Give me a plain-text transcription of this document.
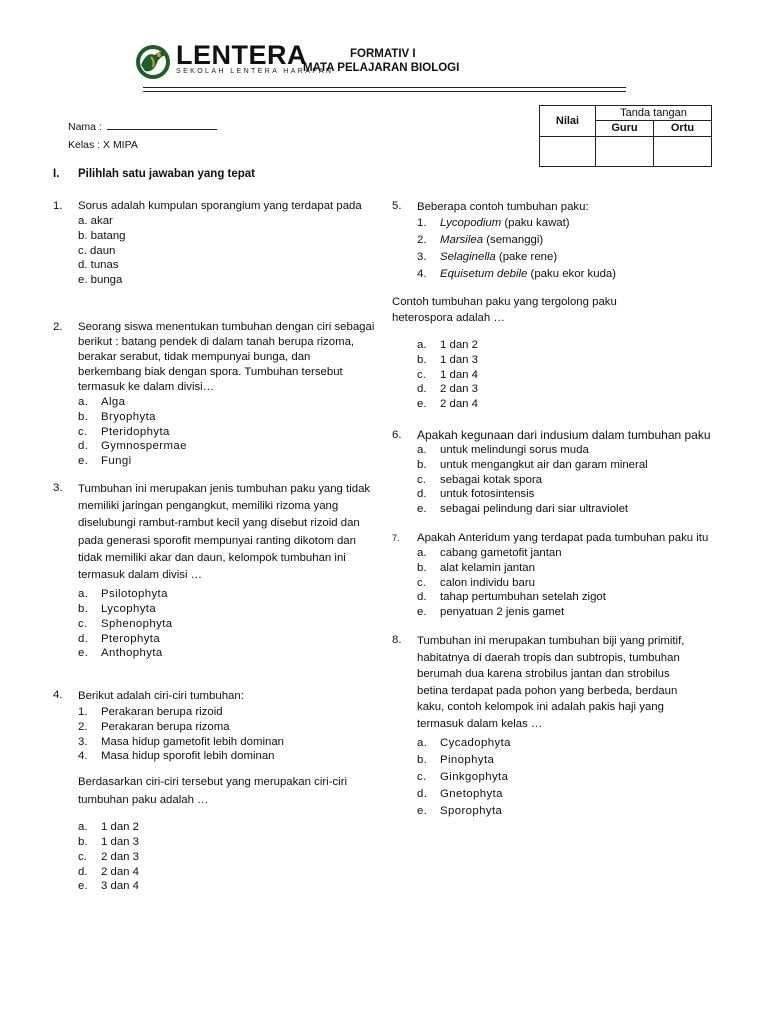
LENTERA
SEKOLAH LENTERA HARAPAN
FORMATIV I
MATA PELAJARAN BIOLOGI
Nama :
Kelas : X MIPA
Nilai	Tanda tangan	
	Guru	Ortu

I. Pilihlah satu jawaban yang tepat
1. Sorus adalah kumpulan sporangium yang terdapat pada
a. akar
b. batang
c. daun
d. tunas
e. bunga
2. Seorang siswa menentukan tumbuhan dengan ciri sebagai berikut : batang pendek di dalam tanah berupa rizoma, berakar serabut, tidak mempunyai bunga, dan berkembang biak dengan spora. Tumbuhan tersebut termasuk ke dalam divisi…
a. Alga
b. Bryophyta
c. Pteridophyta
d. Gymnospermae
e. Fungi
3. Tumbuhan ini merupakan jenis tumbuhan paku yang tidak memiliki jaringan pengangkut, memiliki rizoma yang diselubungi rambut-rambut kecil yang disebut rizoid dan pada generasi sporofit mempunyai ranting dikotom dan tidak memiliki akar dan daun, kelompok tumbuhan ini termasuk dalam divisi …
a. Psilotophyta
b. Lycophyta
c. Sphenophyta
d. Pterophyta
e. Anthophyta
4. Berikut adalah ciri-ciri tumbuhan:
1. Perakaran berupa rizoid
2. Perakaran berupa rizoma
3. Masa hidup gametofit lebih dominan
4. Masa hidup sporofit lebih dominan
Berdasarkan ciri-ciri tersebut yang merupakan ciri-ciri tumbuhan paku adalah …
a. 1 dan 2
b. 1 dan 3
c. 2 dan 3
d. 2 dan 4
e. 3 dan 4
5. Beberapa contoh tumbuhan paku:
1. Lycopodium (paku kawat)
2. Marsilea (semanggi)
3. Selaginella (pake rene)
4. Equisetum debile (paku ekor kuda)
Contoh tumbuhan paku yang tergolong paku heterospora adalah …
a. 1 dan 2
b. 1 dan 3
c. 1 dan 4
d. 2 dan 3
e. 2 dan 4
6. Apakah kegunaan dari indusium dalam tumbuhan paku
a. untuk melindungi sorus muda
b. untuk mengangkut air dan garam mineral
c. sebagai kotak spora
d. untuk fotosintensis
e. sebagai pelindung dari siar ultraviolet
7. Apakah Anteridum yang terdapat pada tumbuhan paku itu
a. cabang gametofit jantan
b. alat kelamin jantan
c. calon individu baru
d. tahap pertumbuhan setelah zigot
e. penyatuan 2 jenis gamet
8. Tumbuhan ini merupakan tumbuhan biji yang primitif, habitatnya di daerah tropis dan subtropis, tumbuhan berumah dua karena strobilus jantan dan strobilus betina terdapat pada pohon yang berbeda, berdaun kaku, contoh kelompok ini adalah pakis haji yang termasuk dalam kelas …
a. Cycadophyta
b. Pinophyta
c. Ginkgophyta
d. Gnetophyta
e. Sporophyta
